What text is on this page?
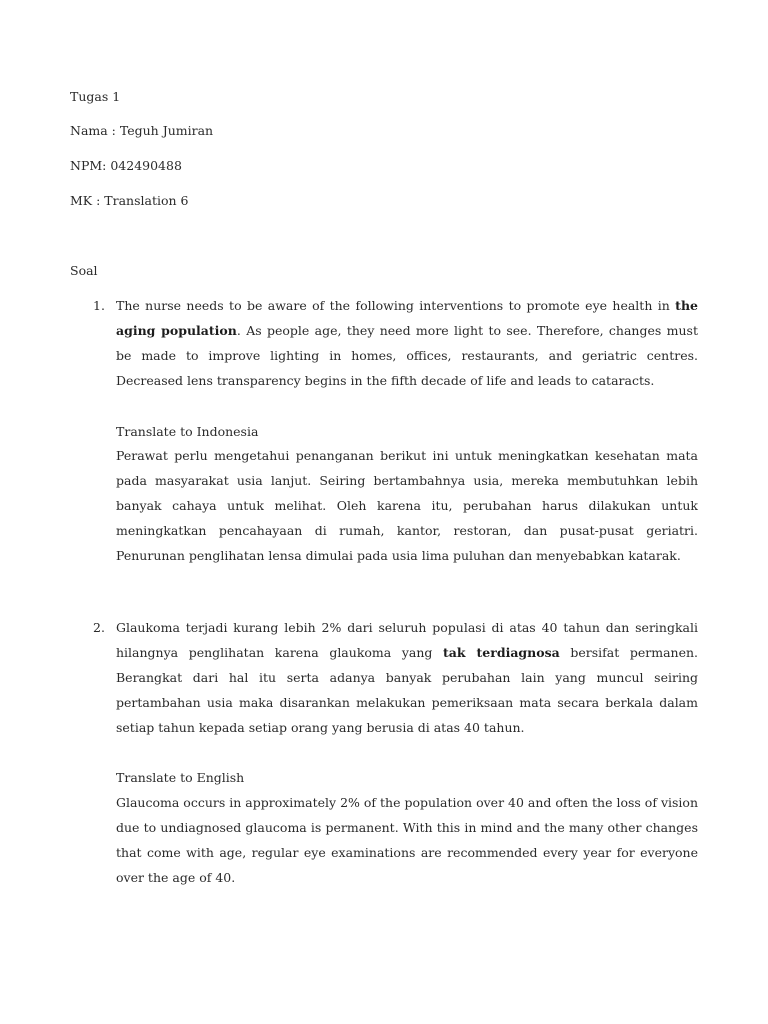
Tugas 1
Nama : Teguh Jumiran
NPM: 042490488
MK : Translation 6
Soal
1. The nurse needs to be aware of the following interventions to promote eye health in the aging population. As people age, they need more light to see. Therefore, changes must be made to improve lighting in homes, offices, restaurants, and geriatric centres. Decreased lens transparency begins in the fifth decade of life and leads to cataracts.
Translate to Indonesia
Perawat perlu mengetahui penanganan berikut ini untuk meningkatkan kesehatan mata pada masyarakat usia lanjut. Seiring bertambahnya usia, mereka membutuhkan lebih banyak cahaya untuk melihat. Oleh karena itu, perubahan harus dilakukan untuk meningkatkan pencahayaan di rumah, kantor, restoran, dan pusat-pusat geriatri. Penurunan penglihatan lensa dimulai pada usia lima puluhan dan menyebabkan katarak.
2. Glaukoma terjadi kurang lebih 2% dari seluruh populasi di atas 40 tahun dan seringkali hilangnya penglihatan karena glaukoma yang tak terdiagnosa bersifat permanen. Berangkat dari hal itu serta adanya banyak perubahan lain yang muncul seiring pertambahan usia maka disarankan melakukan pemeriksaan mata secara berkala dalam setiap tahun kepada setiap orang yang berusia di atas 40 tahun.
Translate to English
Glaucoma occurs in approximately 2% of the population over 40 and often the loss of vision due to undiagnosed glaucoma is permanent. With this in mind and the many other changes that come with age, regular eye examinations are recommended every year for everyone over the age of 40.
